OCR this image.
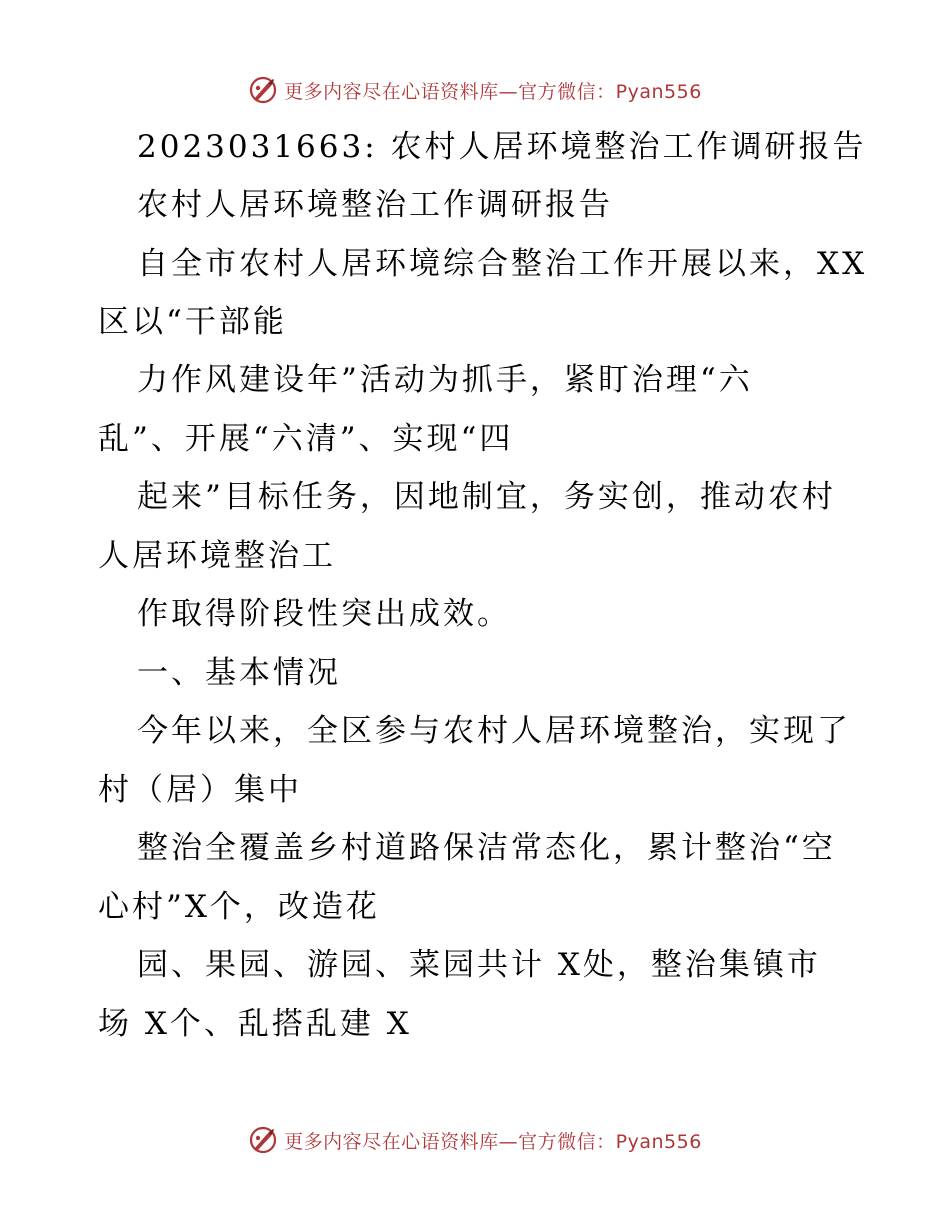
更多内容尽在心语资料库—官方微信：Pyan556
2023031663: 农村人居环境整治工作调研报告
农村人居环境整治工作调研报告
自全市农村人居环境综合整治工作开展以来，XX
区以“干部能
力作风建设年”活动为抓手，紧盯治理“六
乱”、开展“六清”、实现“四
起来”目标任务，因地制宜，务实创，推动农村
人居环境整治工
作取得阶段性突出成效。
一、基本情况
今年以来，全区参与农村人居环境整治，实现了
村（居）集中
整治全覆盖乡村道路保洁常态化，累计整治“空
心村”X个，改造花
园、果园、游园、菜园共计 X处，整治集镇市
场 X个、乱搭乱建 X
更多内容尽在心语资料库—官方微信：Pyan556
